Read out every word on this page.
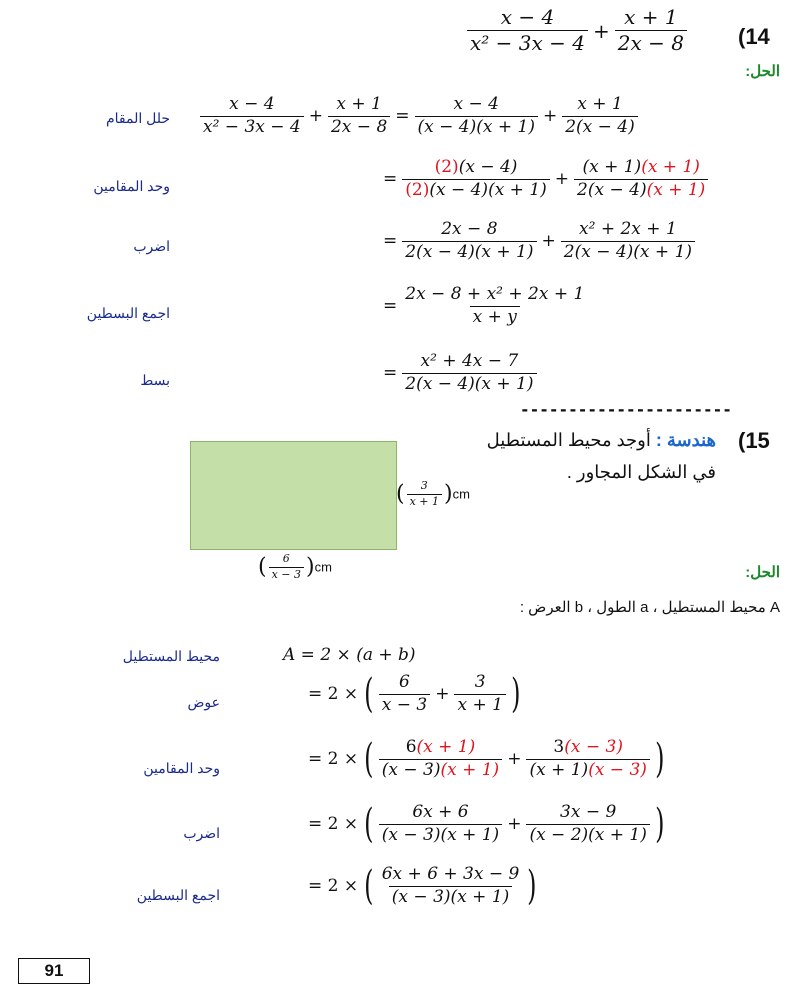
$\frac{x - 4}{\text{x² − 3x − 4}} + \frac{x + 1}{2x - 8} (14$
الحل:
حلل المقام $\frac{x - 4}{\text{x² − 3x − 4}} + \frac{x + 1}{2x - 8} = \frac{x - 4}{(x - 4)(x + 1)} + \frac{x + 1}{2(x - 4)}$
وحد المقامين	= $\frac{(2)(x - 4)}{(2)(x - 4)(x + 1)} + \frac{(x + 1)(x + 1)}{2(x - 4)(x + 1)}$
اضرب	= $\frac{2x - 8}{2(x - 4)(x + 1)} + \frac{\text{x² + 2x + 1}}{2(x - 4)(x + 1)}$
اجمع البسطين	= $\frac{\text{2x − 8 + x² + 2x + 1}}{x + y}$
بسط	= $\frac{\text{x² + 4x − 7}}{2(x - 4)(x + 1)}$
----------------------
(15
هندسة : أوجد محيط المستطيل
في الشكل المجاور .
( $\frac{3}{x + 1} )cm$
( $\frac{6}{x - 3} )cm$	الحل:
A محيط المستطيل ، a الطول ، b العرض :
محيط المستطيل	A = 2 × (a + b)
عوض	= 2 × ( $\frac{6}{x - 3} + \frac{3}{x + 1}$ )
وحد المقامين	= 2 × ( $\frac{6(x + 1)}{(x - 3)(x + 1)} + \frac{3(x - 3)}{(x + 1)(x - 3)}$ )
اضرب	= 2 × ( $\frac{6x + 6}{(x - 3)(x + 1)} + \frac{3x - 9}{(x - 2)(x + 1)}$ )
اجمع البسطين	= 2 × ( $\frac{6x + 6 + 3x - 9}{(x - 3)(x + 1)}$ )
91
